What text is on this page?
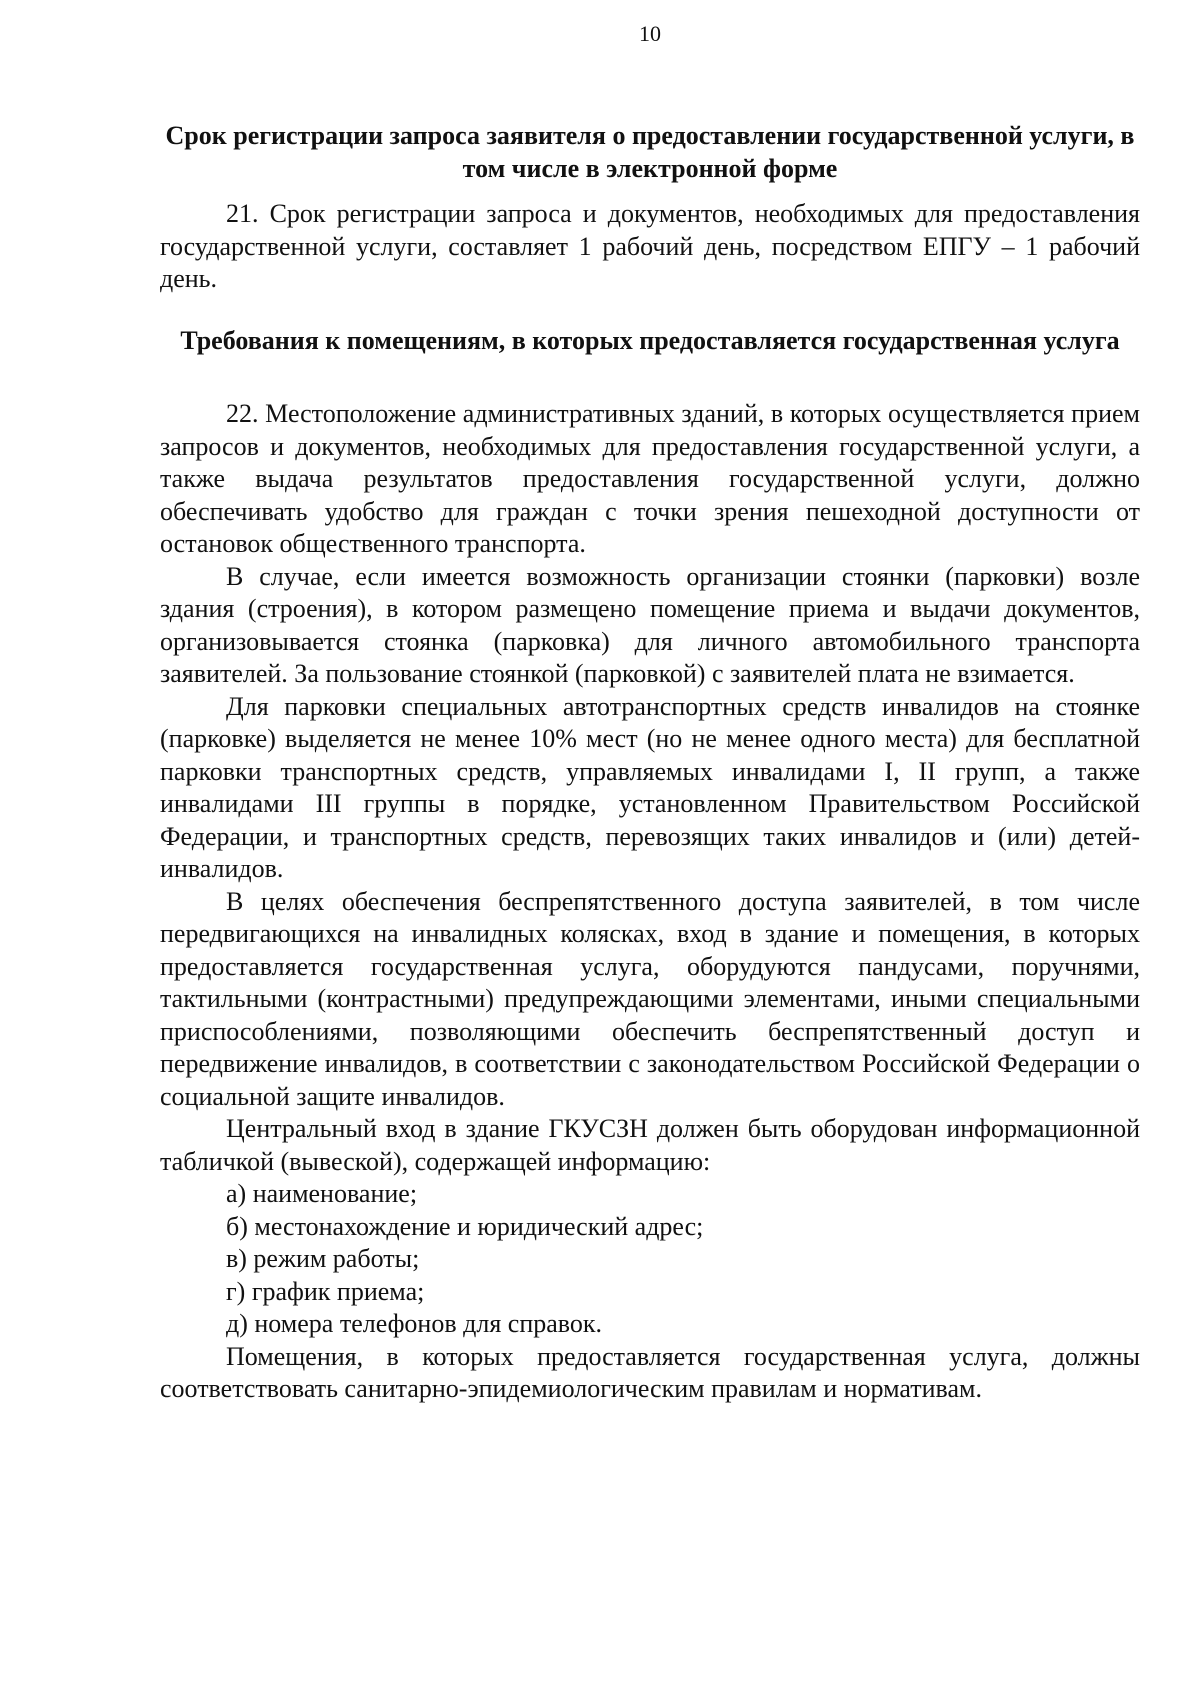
10
Срок регистрации запроса заявителя о предоставлении государственной услуги, в том числе в электронной форме

21. Срок регистрации запроса и документов, необходимых для предоставления государственной услуги, составляет 1 рабочий день, посредством ЕПГУ – 1 рабочий день.

Требования к помещениям, в которых предоставляется государственная услуга

22. Местоположение административных зданий, в которых осуществляется прием запросов и документов, необходимых для предоставления государственной услуги, а также выдача результатов предоставления государственной услуги, должно обеспечивать удобство для граждан с точки зрения пешеходной доступности от остановок общественного транспорта.

В случае, если имеется возможность организации стоянки (парковки) возле здания (строения), в котором размещено помещение приема и выдачи документов, организовывается стоянка (парковка) для личного автомобильного транспорта заявителей. За пользование стоянкой (парковкой) с заявителей плата не взимается.

Для парковки специальных автотранспортных средств инвалидов на стоянке (парковке) выделяется не менее 10% мест (но не менее одного места) для бесплатной парковки транспортных средств, управляемых инвалидами I, II групп, а также инвалидами III группы в порядке, установленном Правительством Российской Федерации, и транспортных средств, перевозящих таких инвалидов и (или) детей-инвалидов.

В целях обеспечения беспрепятственного доступа заявителей, в том числе передвигающихся на инвалидных колясках, вход в здание и помещения, в которых предоставляется государственная услуга, оборудуются пандусами, поручнями, тактильными (контрастными) предупреждающими элементами, иными специальными приспособлениями, позволяющими обеспечить беспрепятственный доступ и передвижение инвалидов, в соответствии с законодательством Российской Федерации о социальной защите инвалидов.

Центральный вход в здание ГКУСЗН должен быть оборудован информационной табличкой (вывеской), содержащей информацию:

а) наименование;

б) местонахождение и юридический адрес;

в) режим работы;

г) график приема;

д) номера телефонов для справок.

Помещения, в которых предоставляется государственная услуга, должны соответствовать санитарно-эпидемиологическим правилам и нормативам.
